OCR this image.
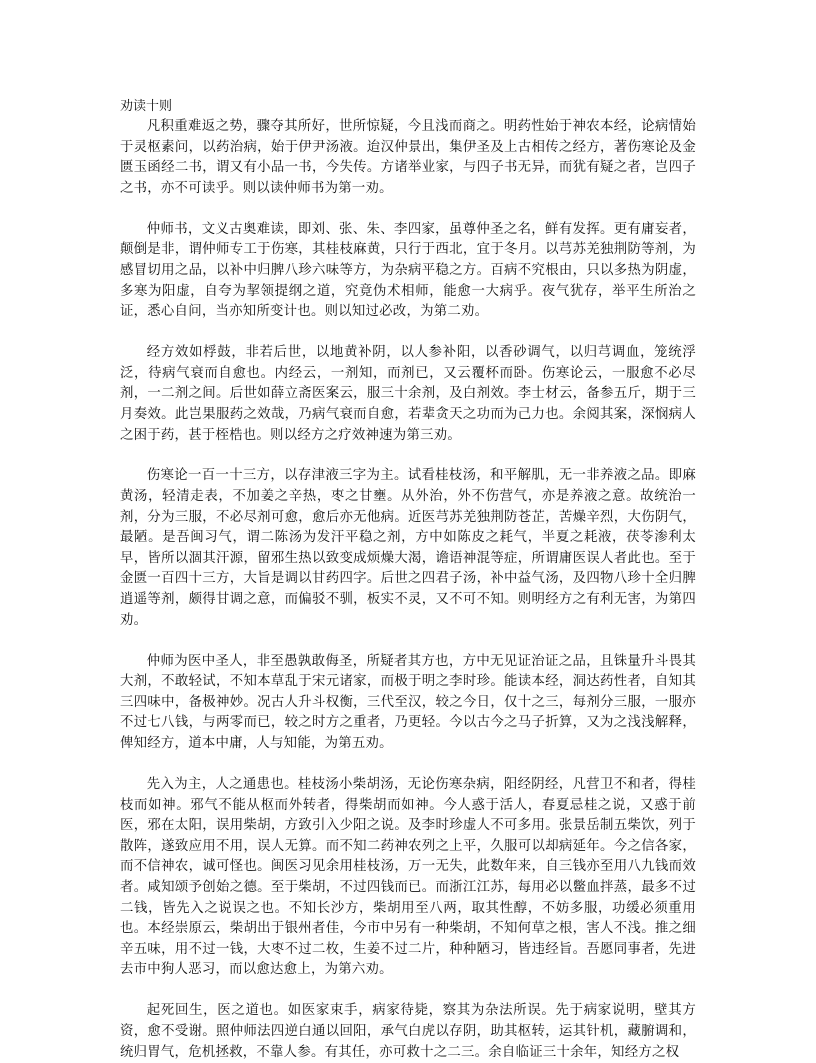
劝读十则

凡积重难返之势，骤夺其所好，世所惊疑，今且浅而商之。明药性始于神农本经，论病情始于灵枢素问，以药治病，始于伊尹汤液。迨汉仲景出，集伊圣及上古相传之经方，著伤寒论及金匮玉函经二书，谓又有小品一书，今失传。方诸举业家，与四子书无异，而犹有疑之者，岂四子之书，亦不可读乎。则以读仲师书为第一劝。

仲师书，文义古奥难读，即刘、张、朱、李四家，虽尊仲圣之名，鲜有发挥。更有庸妄者，颠倒是非，谓仲师专工于伤寒，其桂枝麻黄，只行于西北，宜于冬月。以芎苏羌独荆防等剂，为感冒切用之品，以补中归脾八珍六味等方，为杂病平稳之方。百病不究根由，只以多热为阴虚，多寒为阳虚，自夸为挈领提纲之道，究竟伪术相师，能愈一大病乎。夜气犹存，举平生所治之证，悉心自问，当亦知所变计也。则以知过必改，为第二劝。

经方效如桴鼓，非若后世，以地黄补阴，以人参补阳，以香砂调气，以归芎调血，笼统浮泛，待病气衰而自愈也。内经云，一剂知，而剂已，又云覆杯而卧。伤寒论云，一服愈不必尽剂，一二剂之间。后世如薛立斋医案云，服三十余剂，及白剂效。李士材云，备参五斤，期于三月奏效。此岂果服药之效哉，乃病气衰而自愈，若辈贪天之功而为己力也。余阅其案，深悯病人之困于药，甚于桎梏也。则以经方之疗效神速为第三劝。

伤寒论一百一十三方，以存津液三字为主。试看桂枝汤，和平解肌，无一非养液之品。即麻黄汤，轻清走表，不加姜之辛热，枣之甘壅。从外治，外不伤营气，亦是养液之意。故统治一剂，分为三服，不必尽剂可愈，愈后亦无他病。近医芎苏羌独荆防苍芷，苦燥辛烈，大伤阴气，最陋。是吾闽习气，谓二陈汤为发汗平稳之剂，方中如陈皮之耗气，半夏之耗液，茯苓渗利太早，皆所以涸其汗源，留邪生热以致变成烦燥大渴，谵语神混等症，所谓庸医误人者此也。至于金匮一百四十三方，大旨是调以甘药四字。后世之四君子汤，补中益气汤，及四物八珍十全归脾逍遥等剂，颇得甘调之意，而偏驳不驯，板实不灵，又不可不知。则明经方之有利无害，为第四劝。

仲师为医中圣人，非至愚孰敢侮圣，所疑者其方也，方中无见证治证之品，且铢量升斗畏其大剂，不敢轻试，不知本草乱于宋元诸家，而极于明之李时珍。能读本经，洞达药性者，自知其三四味中，备极神妙。况古人升斗权衡，三代至汉，较之今日，仅十之三，每剂分三服，一服亦不过七八钱，与两零而已，较之时方之重者，乃更轻。今以古今之马子折算，又为之浅浅解释，俾知经方，道本中庸，人与知能，为第五劝。

先入为主，人之通患也。桂枝汤小柴胡汤，无论伤寒杂病，阳经阴经，凡营卫不和者，得桂枝而如神。邪气不能从枢而外转者，得柴胡而如神。今人惑于活人，春夏忌桂之说，又惑于前医，邪在太阳，误用柴胡，方致引入少阳之说。及李时珍虚人不可多用。张景岳制五柴饮，列于散阵，遂致应用不用，误人无算。而不知二药神农列之上平，久服可以却病延年。今之信各家，而不信神农，诚可怪也。闽医习见余用桂枝汤，万一无失，此数年来，自三钱亦至用八九钱而效者。咸知颂予创始之德。至于柴胡，不过四钱而已。而浙江江苏，每用必以鳖血拌蒸，最多不过二钱，皆先入之说误之也。不知长沙方，柴胡用至八两，取其性醇，不妨多服，功缓必须重用也。本经崇原云，柴胡出于银州者佳，今市中另有一种柴胡，不知何草之根，害人不浅。推之细辛五味，用不过一钱，大枣不过二枚，生姜不过二片，种种陋习，皆违经旨。吾愿同事者，先进去市中狗人恶习，而以愈达愈上，为第六劝。

起死回生，医之道也。如医家束手，病家待毙，察其为杂法所误。先于病家说明，壁其方资，愈不受谢。照仲师法四逆白通以回阳，承气白虎以存阴，助其枢转，运其针机，藏腑调和，统归胃气，危机拯救，不靠人参。有其任，亦可救十之二三。余自临证三十余年，知经方之权
